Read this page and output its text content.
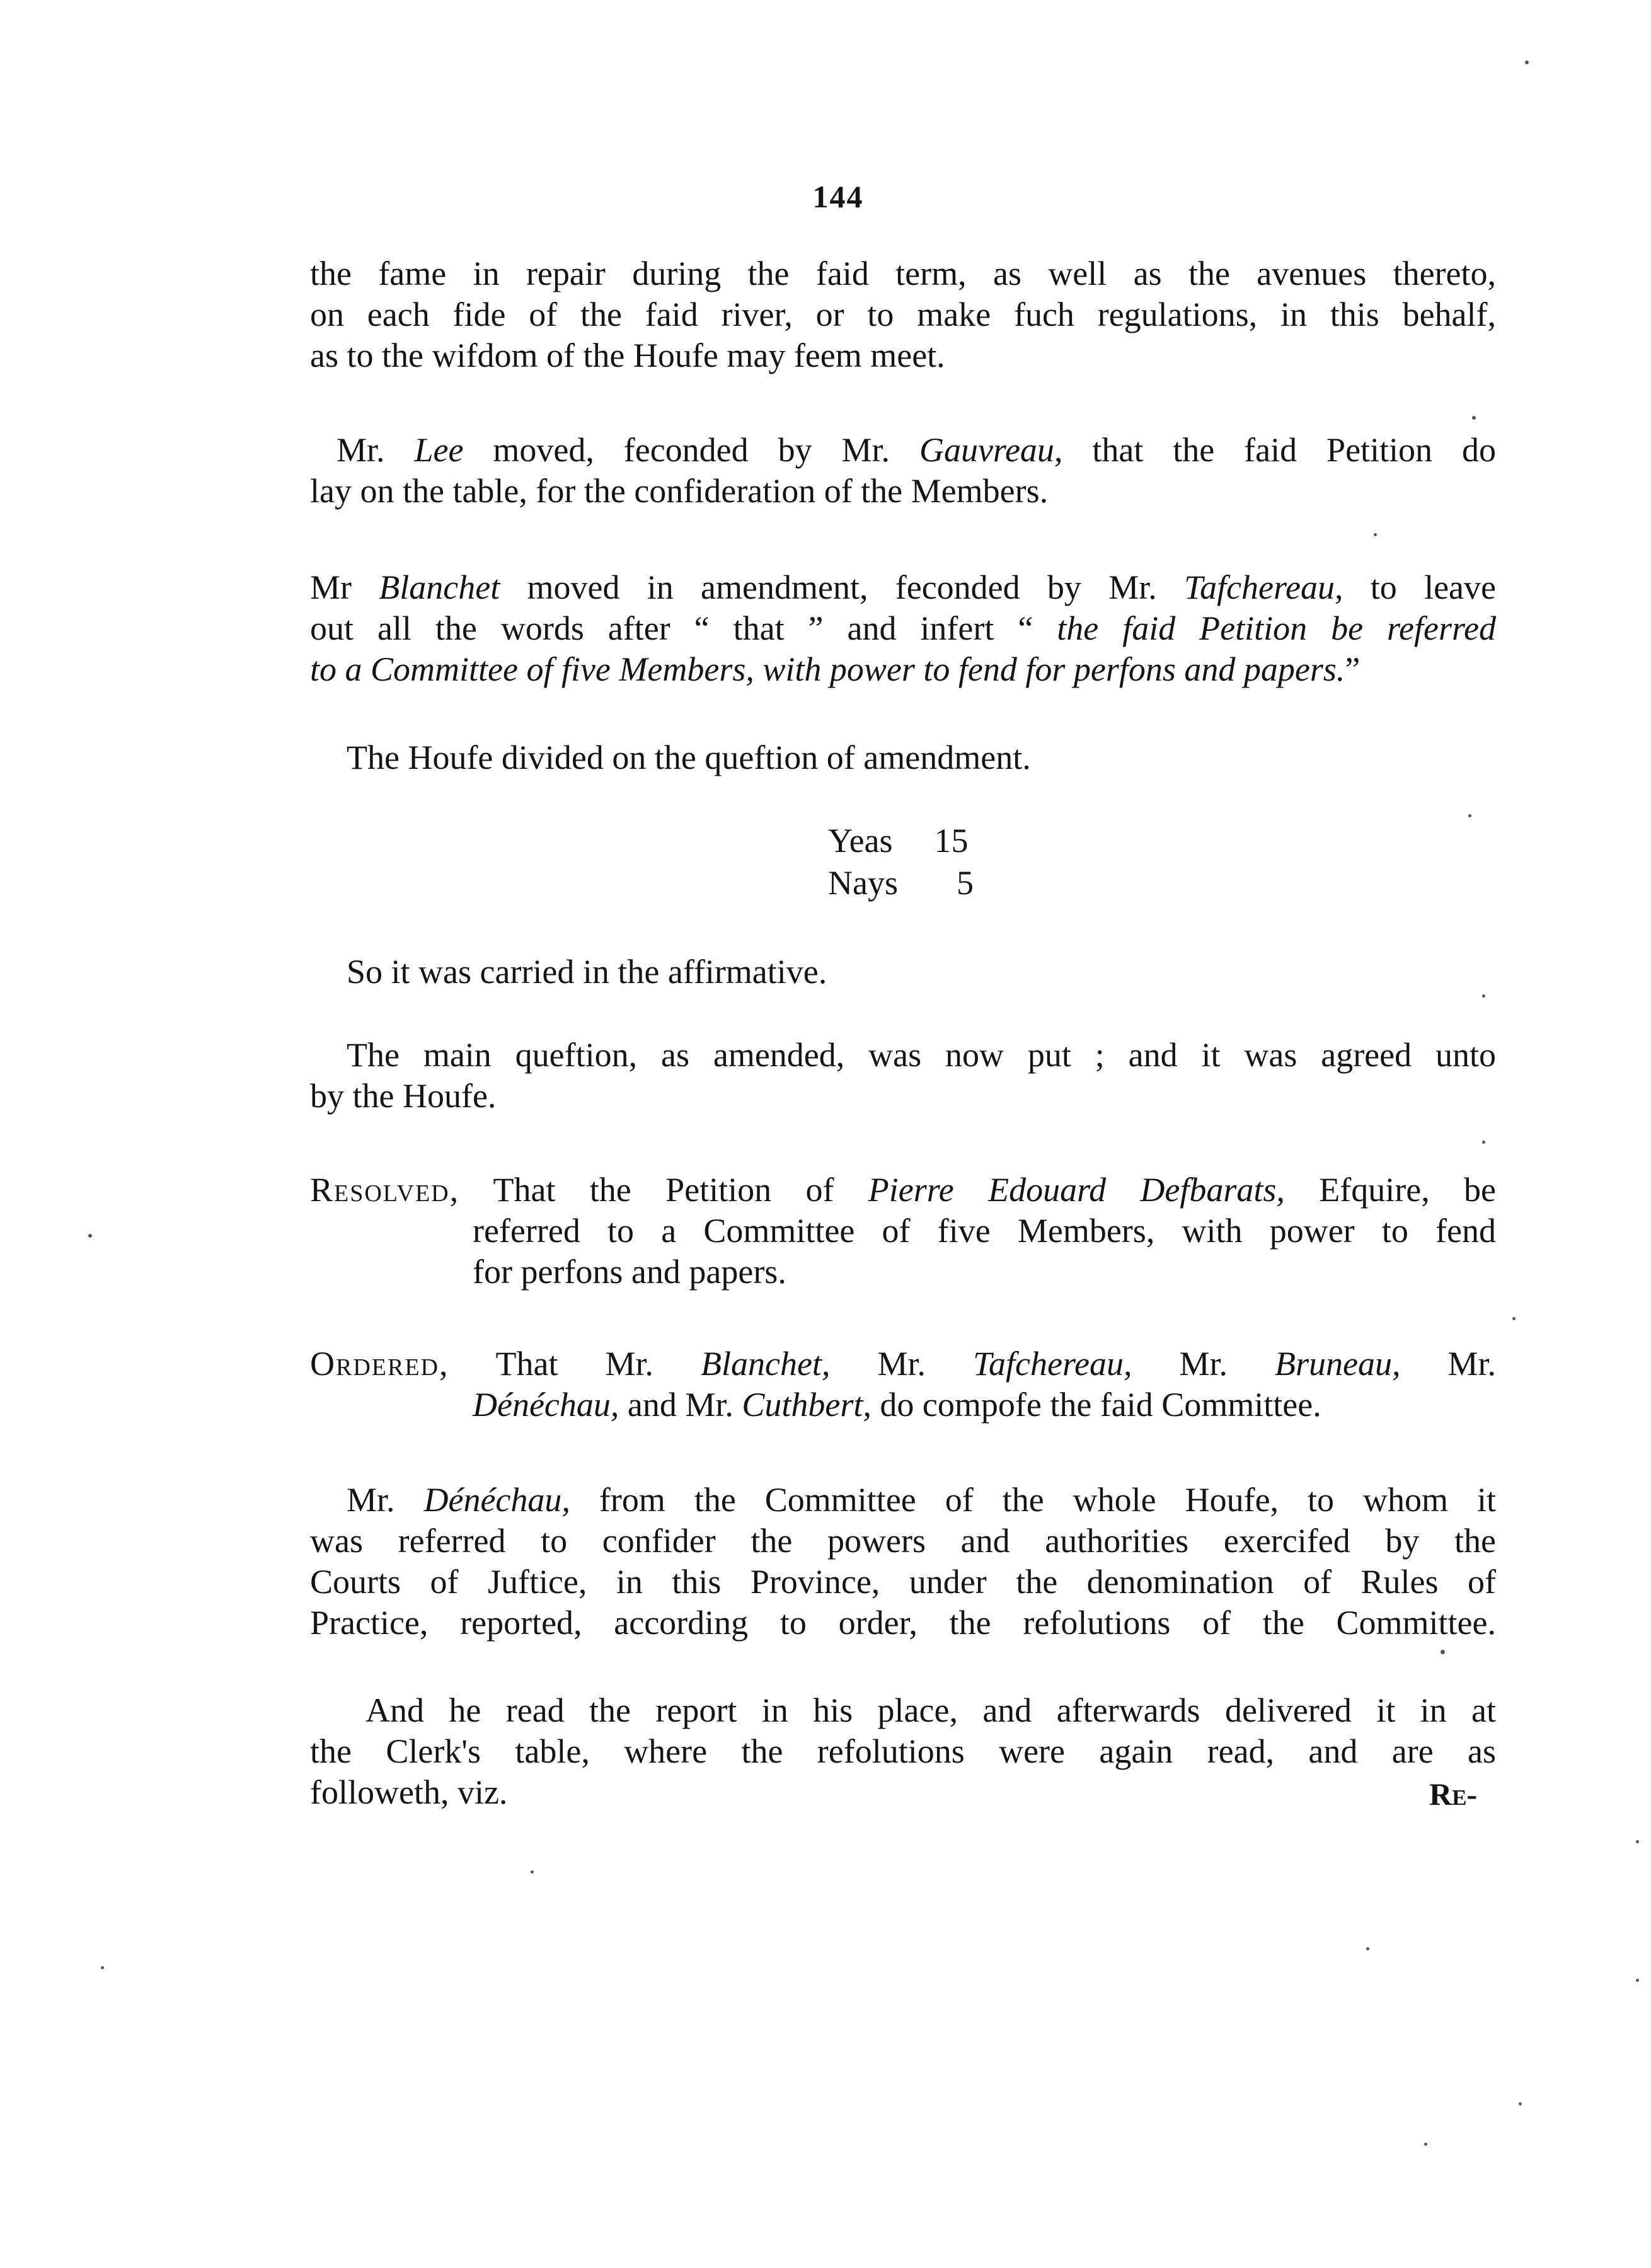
144
the fame in repair during the faid term, as well as the avenues thereto,
on each fide of the faid river, or to make fuch regulations, in this behalf,
as to the wifdom of the Houfe may feem meet.
Mr. Lee moved, feconded by Mr. Gauvreau, that the faid Petition do
lay on the table, for the confideration of the Members.
Mr Blanchet moved in amendment, feconded by Mr. Tafchereau, to leave
out all the words after “ that ” and infert “ the faid Petition be referred
to a Committee of five Members, with power to fend for perfons and papers.”
The Houfe divided on the queftion of amendment.
Yeas 15
Nays 5
So it was carried in the affirmative.
The main queftion, as amended, was now put ; and it was agreed unto
by the Houfe.
Resolved, That the Petition of Pierre Edouard Defbarats, Efquire, be
referred to a Committee of five Members, with power to fend
for perfons and papers.
Ordered, That Mr. Blanchet, Mr. Tafchereau, Mr. Bruneau, Mr.
Dénéchau, and Mr. Cuthbert, do compofe the faid Committee.
Mr. Dénéchau, from the Committee of the whole Houfe, to whom it
was referred to confider the powers and authorities exercifed by the
Courts of Juftice, in this Province, under the denomination of Rules of
Practice, reported, according to order, the refolutions of the Committee.
And he read the report in his place, and afterwards delivered it in at
the Clerk's table, where the refolutions were again read, and are as
followeth, viz.	Re-
